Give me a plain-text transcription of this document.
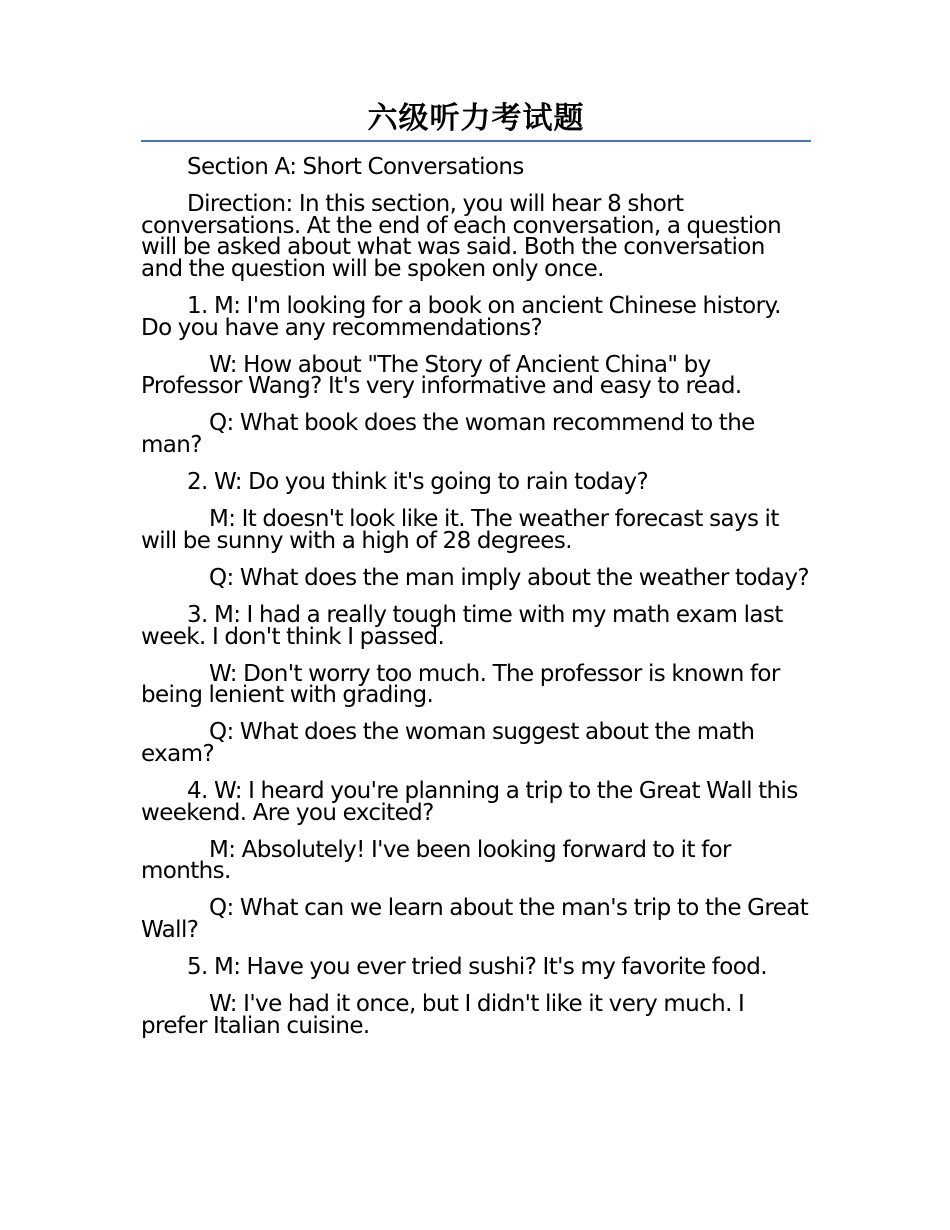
六级听力考试题

Section A: Short Conversations

Direction: In this section, you will hear 8 short conversations. At the end of each conversation, a question will be asked about what was said. Both the conversation and the question will be spoken only once.

1. M: I'm looking for a book on ancient Chinese history. Do you have any recommendations?

W: How about "The Story of Ancient China" by Professor Wang? It's very informative and easy to read.

Q: What book does the woman recommend to the man?

2. W: Do you think it's going to rain today?

M: It doesn't look like it. The weather forecast says it will be sunny with a high of 28 degrees.

Q: What does the man imply about the weather today?

3. M: I had a really tough time with my math exam last week. I don't think I passed.

W: Don't worry too much. The professor is known for being lenient with grading.

Q: What does the woman suggest about the math exam?

4. W: I heard you're planning a trip to the Great Wall this weekend. Are you excited?

M: Absolutely! I've been looking forward to it for months.

Q: What can we learn about the man's trip to the Great Wall?

5. M: Have you ever tried sushi? It's my favorite food.

W: I've had it once, but I didn't like it very much. I prefer Italian cuisine.
